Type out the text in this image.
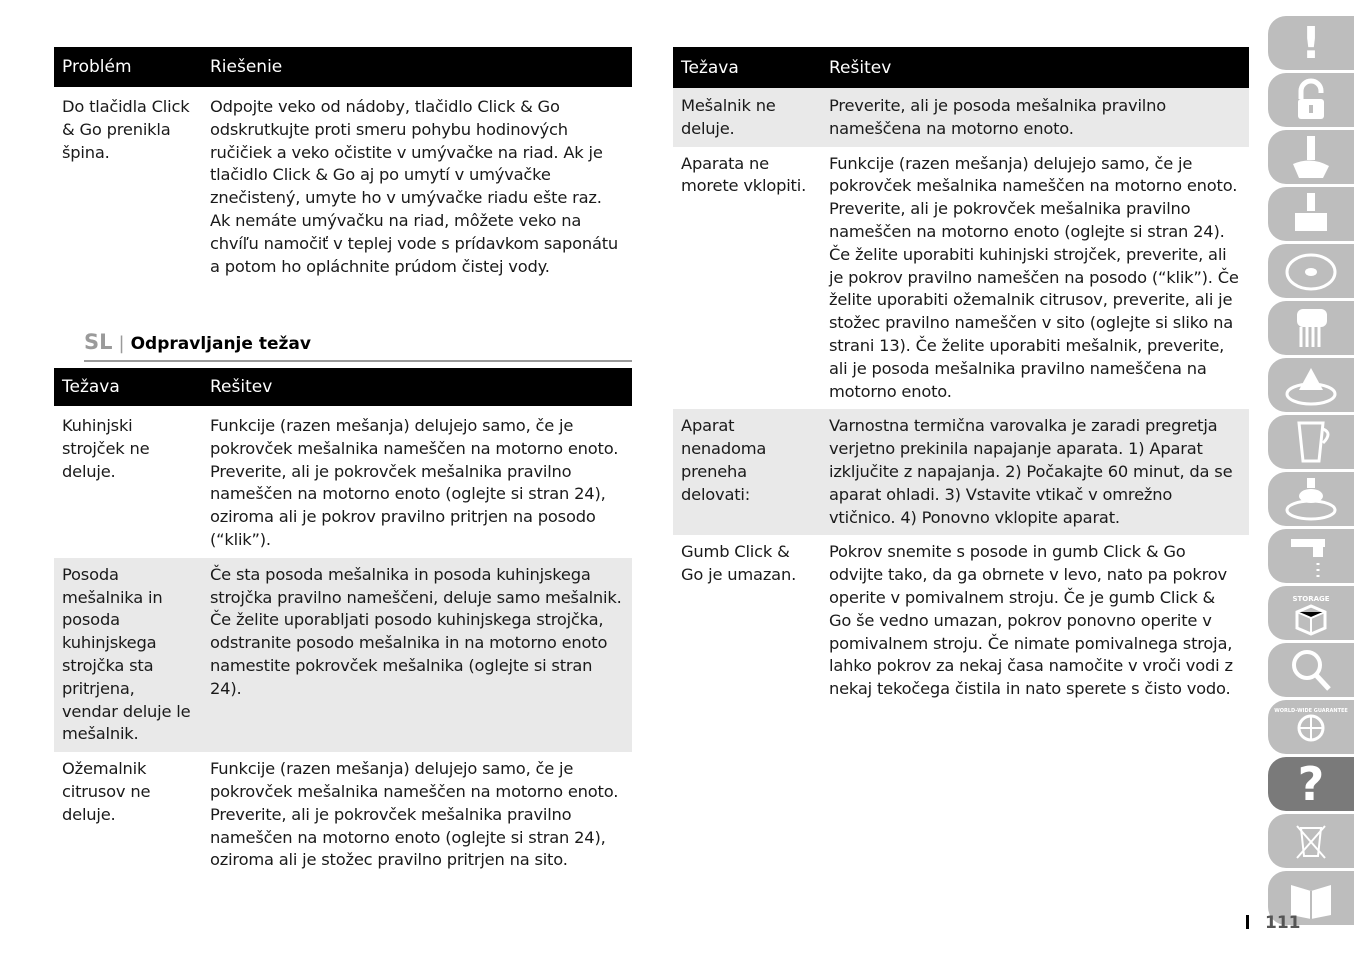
Problém	Riešenie
Do tlačidla Click & Go prenikla špina.	Odpojte veko od nádoby, tlačidlo Click & Go odskrutkujte proti smeru pohybu hodinových ručičiek a veko očistite v umývačke na riad. Ak je tlačidlo Click & Go aj po umytí v umývačke znečistený, umyte ho v umývačke riadu ešte raz. Ak nemáte umývačku na riad, môžete veko na chvíľu namočiť v teplej vode s prídavkom saponátu a potom ho opláchnite prúdom čistej vody.
SL | Odpravljanje težav
Težava	Rešitev
Kuhinjski strojček ne deluje.	Funkcije (razen mešanja) delujejo samo, če je pokrovček mešalnika nameščen na motorno enoto. Preverite, ali je pokrovček mešalnika pravilno nameščen na motorno enoto (oglejte si stran 24), oziroma ali je pokrov pravilno pritrjen na posodo (“klik”).
Posoda mešalnika in posoda kuhinjskega strojčka sta pritrjena, vendar deluje le mešalnik.	Če sta posoda mešalnika in posoda kuhinjskega strojčka pravilno nameščeni, deluje samo mešalnik. Če želite uporabljati posodo kuhinjskega strojčka, odstranite posodo mešalnika in na motorno enoto namestite pokrovček mešalnika (oglejte si stran 24).
Ožemalnik citrusov ne deluje.	Funkcije (razen mešanja) delujejo samo, če je pokrovček mešalnika nameščen na motorno enoto. Preverite, ali je pokrovček mešalnika pravilno nameščen na motorno enoto (oglejte si stran 24), oziroma ali je stožec pravilno pritrjen na sito.
Težava	Rešitev
Mešalnik ne deluje.	Preverite, ali je posoda mešalnika pravilno nameščena na motorno enoto.
Aparata ne morete vklopiti.	Funkcije (razen mešanja) delujejo samo, če je pokrovček mešalnika nameščen na motorno enoto. Preverite, ali je pokrovček mešalnika pravilno nameščen na motorno enoto (oglejte si stran 24). Če želite uporabiti kuhinjski strojček, preverite, ali je pokrov pravilno nameščen na posodo (“klik”). Če želite uporabiti ožemalnik citrusov, preverite, ali je stožec pravilno nameščen v sito (oglejte si sliko na strani 13). Če želite uporabiti mešalnik, preverite, ali je posoda mešalnika pravilno nameščena na motorno enoto.
Aparat nenadoma preneha delovati:	Varnostna termična varovalka je zaradi pregretja verjetno prekinila napajanje aparata. 1) Aparat izključite z napajanja. 2) Počakajte 60 minut, da se aparat ohladi. 3) Vstavite vtikač v omrežno vtičnico. 4) Ponovno vklopite aparat.
Gumb Click & Go je umazan.	Pokrov snemite s posode in gumb Click & Go odvijte tako, da ga obrnete v levo, nato pa pokrov operite v pomivalnem stroju. Če je gumb Click & Go še vedno umazan, pokrov ponovno operite v pomivalnem stroju. Če nimate pomivalnega stroja, lahko pokrov za nekaj časa namočite v vroči vodi z nekaj tekočega čistila in nato sperete s čisto vodo.
!
STORAGE
WORLD-WIDE GUARANTEE
?
111
